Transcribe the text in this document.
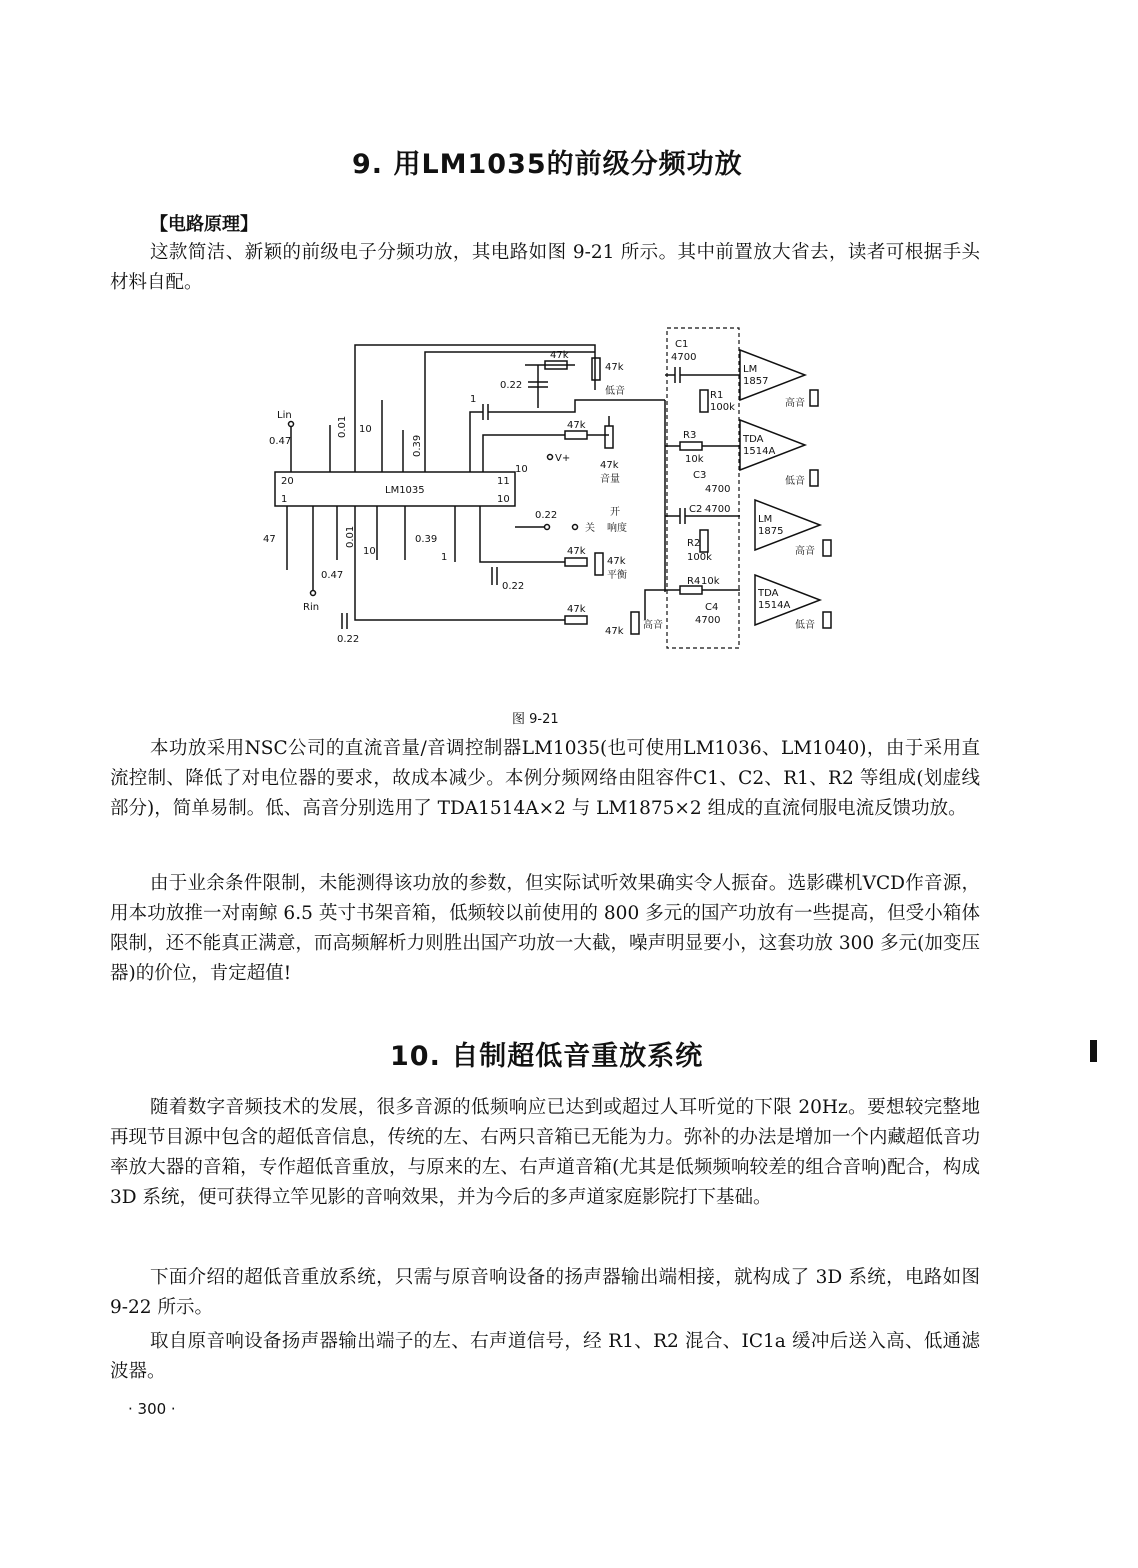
9. 用LM1035的前级分频功放
【电路原理】

这款简洁、新颖的前级电子分频功放，其电路如图 9-21 所示。其中前置放大省去，读者可根据手头材料自配。

LM1035
20
1
11
10
47k
47k
低音
0.22
1
47k
47k
音量
V+
开
关 响度
47k
47k
平衡
0.22
47k
47k
高音
0.22
Lin
0.47
0.01 10
0.39
47
Rin
0.47
0.01
10
0.39
1
10
0.22
C1
4700
R1
100k
R3
10k
C3
4700
C2 4700
R2
100k
R4 10k
C4
4700
LM
1857
TDA
1514A
LM
1875
TDA
1514A
高音
低音
高音
低音
图 9-21

本功放采用NSC公司的直流音量/音调控制器LM1035(也可使用LM1036、LM1040)，由于采用直流控制、降低了对电位器的要求，故成本减少。本例分频网络由阻容件C1、C2、R1、R2 等组成(划虚线部分)，简单易制。低、高音分别选用了 TDA1514A×2 与 LM1875×2 组成的直流伺服电流反馈功放。

由于业余条件限制，未能测得该功放的参数，但实际试听效果确实令人振奋。选影碟机VCD作音源，用本功放推一对南鲸 6.5 英寸书架音箱，低频较以前使用的 800 多元的国产功放有一些提高，但受小箱体限制，还不能真正满意，而高频解析力则胜出国产功放一大截，噪声明显要小，这套功放 300 多元(加变压器)的价位，肯定超值!

10. 自制超低音重放系统

随着数字音频技术的发展，很多音源的低频响应已达到或超过人耳听觉的下限 20Hz。要想较完整地再现节目源中包含的超低音信息，传统的左、右两只音箱已无能为力。弥补的办法是增加一个内藏超低音功率放大器的音箱，专作超低音重放，与原来的左、右声道音箱(尤其是低频频响较差的组合音响)配合，构成 3D 系统，便可获得立竿见影的音响效果，并为今后的多声道家庭影院打下基础。

下面介绍的超低音重放系统，只需与原音响设备的扬声器输出端相接，就构成了 3D 系统，电路如图 9-22 所示。

取自原音响设备扬声器输出端子的左、右声道信号，经 R1、R2 混合、IC1a 缓冲后送入高、低通滤波器。

· 300 ·
